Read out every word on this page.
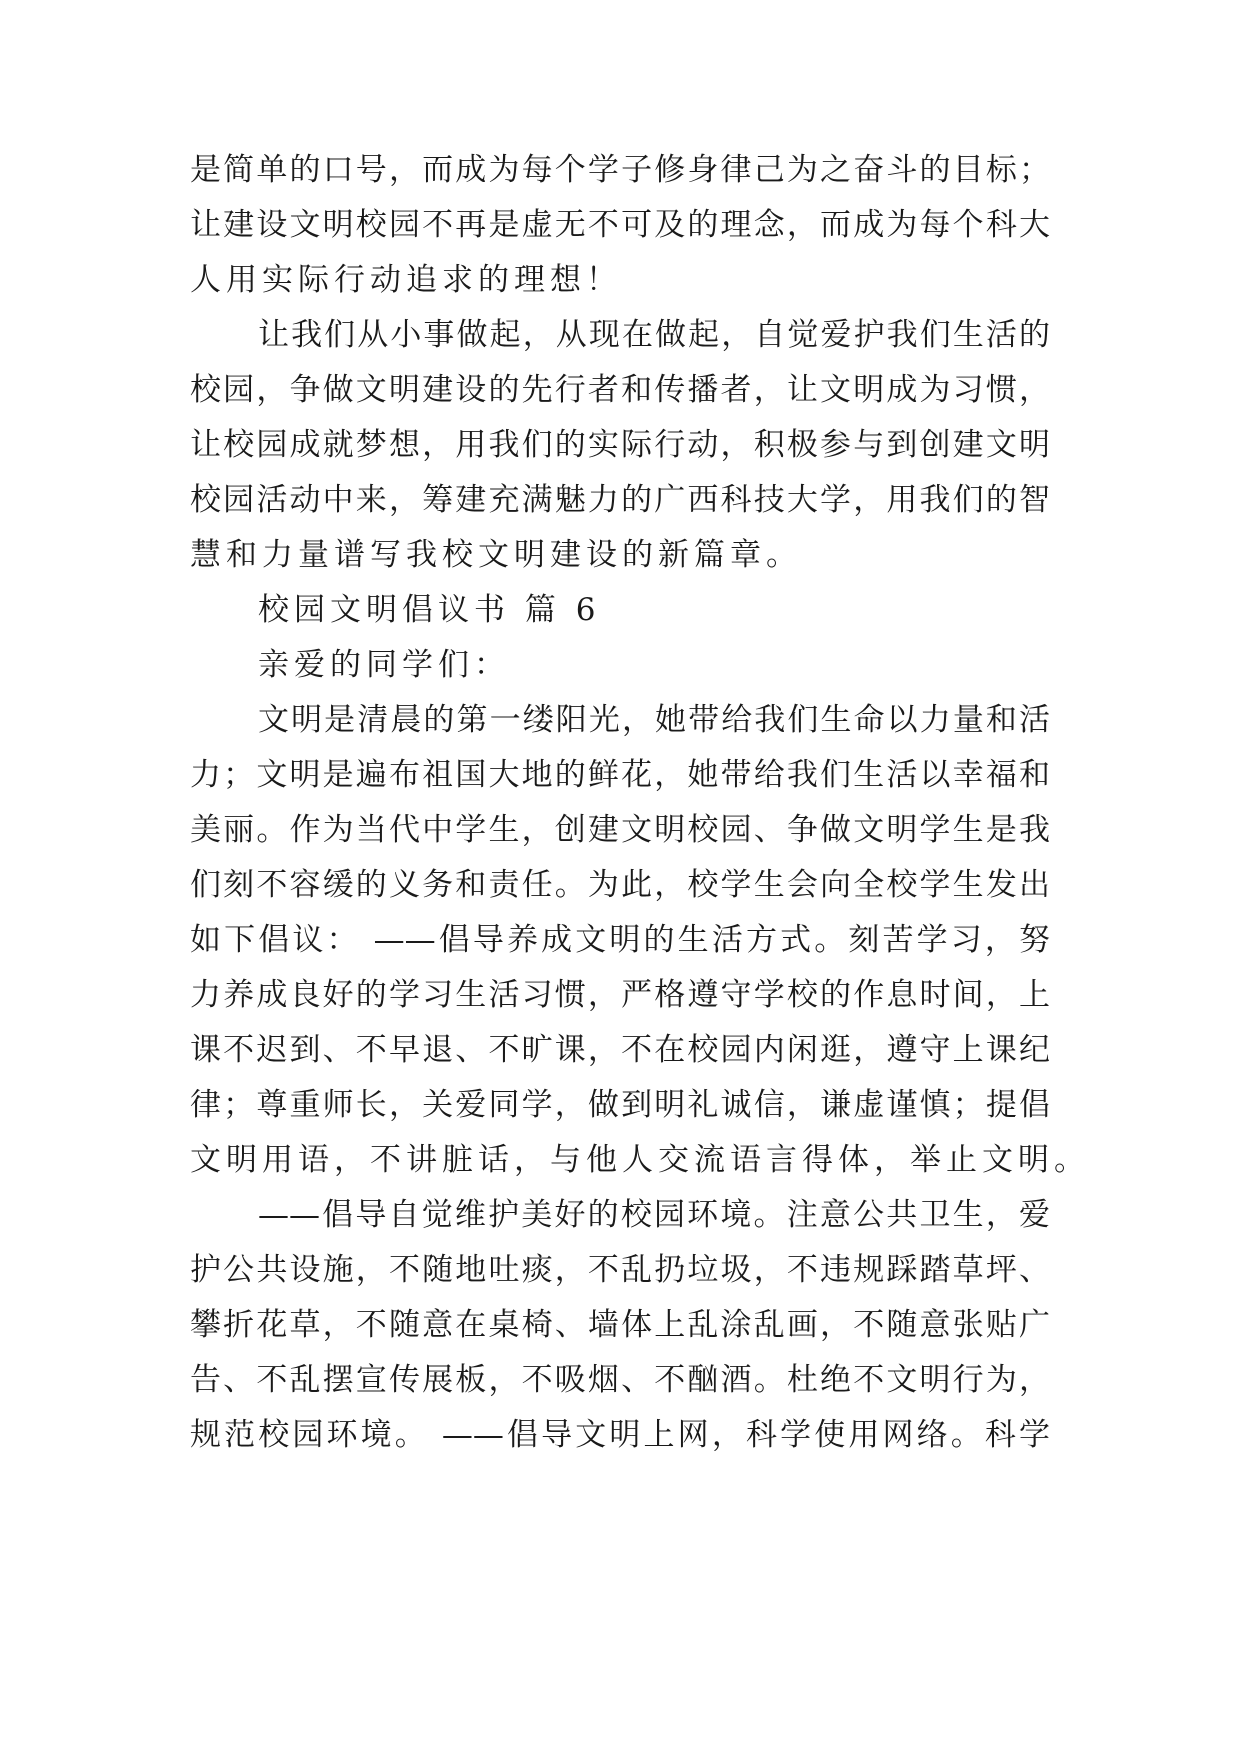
是简单的口号，而成为每个学子修身律己为之奋斗的目标；
让建设文明校园不再是虚无不可及的理念，而成为每个科大
人用实际行动追求的理想！
让我们从小事做起，从现在做起，自觉爱护我们生活的
校园，争做文明建设的先行者和传播者，让文明成为习惯，
让校园成就梦想，用我们的实际行动，积极参与到创建文明
校园活动中来，筹建充满魅力的广西科技大学，用我们的智
慧和力量谱写我校文明建设的新篇章。
校园文明倡议书 篇 6
亲爱的同学们：
文明是清晨的第一缕阳光，她带给我们生命以力量和活
力；文明是遍布祖国大地的鲜花，她带给我们生活以幸福和
美丽。作为当代中学生，创建文明校园、争做文明学生是我
们刻不容缓的义务和责任。为此，校学生会向全校学生发出
如下倡议： ——倡导养成文明的生活方式。刻苦学习，努
力养成良好的学习生活习惯，严格遵守学校的作息时间，上
课不迟到、不早退、不旷课，不在校园内闲逛，遵守上课纪
律；尊重师长，关爱同学，做到明礼诚信，谦虚谨慎；提倡
文明用语，不讲脏话，与他人交流语言得体，举止文明。
——倡导自觉维护美好的校园环境。注意公共卫生，爱
护公共设施，不随地吐痰，不乱扔垃圾，不违规踩踏草坪、
攀折花草，不随意在桌椅、墙体上乱涂乱画，不随意张贴广
告、不乱摆宣传展板，不吸烟、不酗酒。杜绝不文明行为，
规范校园环境。 ——倡导文明上网，科学使用网络。科学
